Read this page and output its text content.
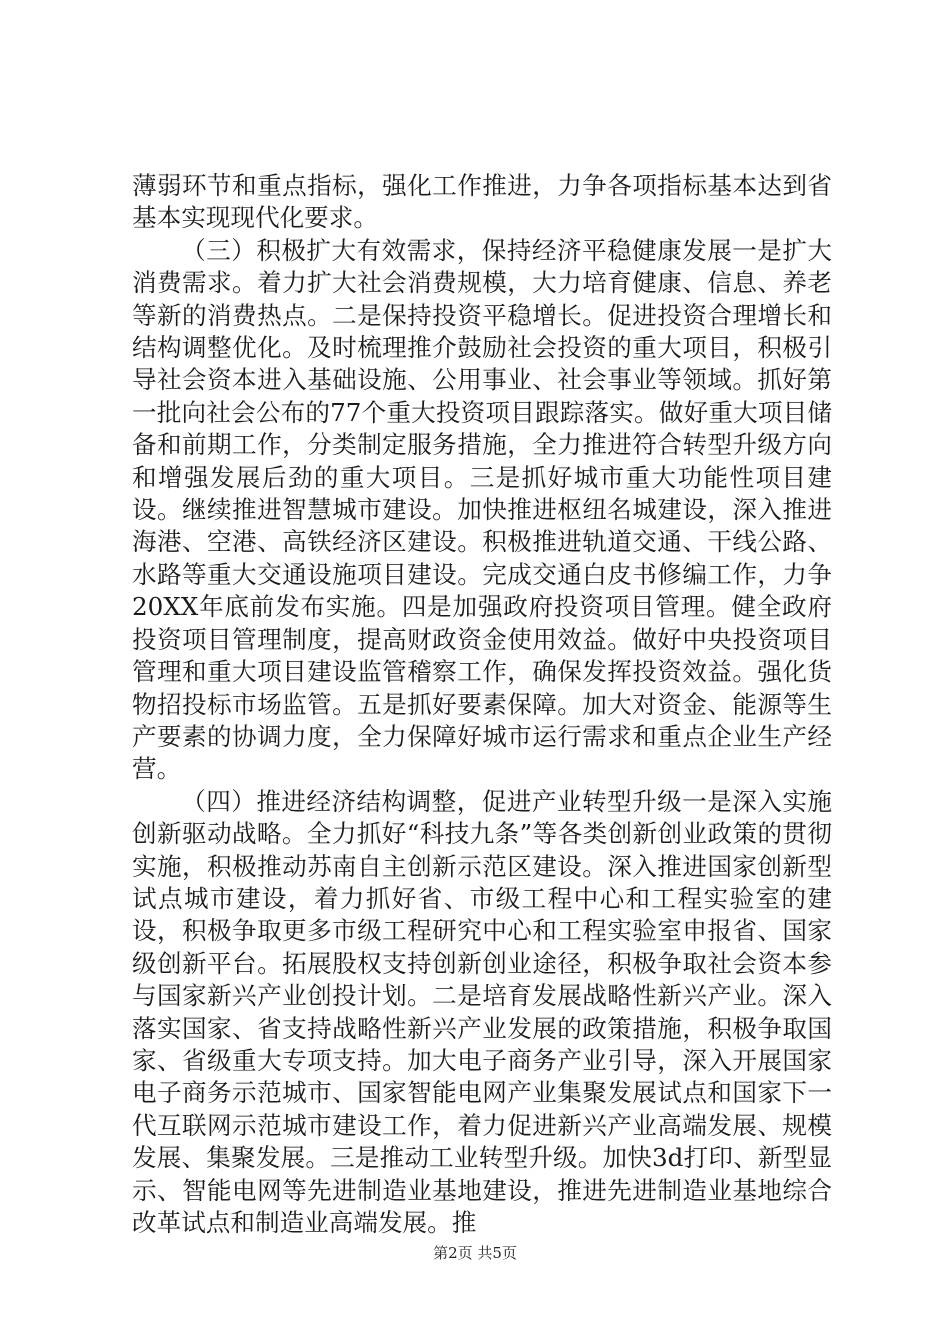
薄弱环节和重点指标，强化工作推进，力争各项指标基本达到省基本实现现代化要求。

（三）积极扩大有效需求，保持经济平稳健康发展一是扩大消费需求。着力扩大社会消费规模，大力培育健康、信息、养老等新的消费热点。二是保持投资平稳增长。促进投资合理增长和结构调整优化。及时梳理推介鼓励社会投资的重大项目，积极引导社会资本进入基础设施、公用事业、社会事业等领域。抓好第一批向社会公布的77个重大投资项目跟踪落实。做好重大项目储备和前期工作，分类制定服务措施，全力推进符合转型升级方向和增强发展后劲的重大项目。三是抓好城市重大功能性项目建设。继续推进智慧城市建设。加快推进枢纽名城建设，深入推进海港、空港、高铁经济区建设。积极推进轨道交通、干线公路、水路等重大交通设施项目建设。完成交通白皮书修编工作，力争20XX年底前发布实施。四是加强政府投资项目管理。健全政府投资项目管理制度，提高财政资金使用效益。做好中央投资项目管理和重大项目建设监管稽察工作，确保发挥投资效益。强化货物招投标市场监管。五是抓好要素保障。加大对资金、能源等生产要素的协调力度，全力保障好城市运行需求和重点企业生产经营。

（四）推进经济结构调整，促进产业转型升级一是深入实施创新驱动战略。全力抓好“科技九条”等各类创新创业政策的贯彻实施，积极推动苏南自主创新示范区建设。深入推进国家创新型试点城市建设，着力抓好省、市级工程中心和工程实验室的建设，积极争取更多市级工程研究中心和工程实验室申报省、国家级创新平台。拓展股权支持创新创业途径，积极争取社会资本参与国家新兴产业创投计划。二是培育发展战略性新兴产业。深入落实国家、省支持战略性新兴产业发展的政策措施，积极争取国家、省级重大专项支持。加大电子商务产业引导，深入开展国家电子商务示范城市、国家智能电网产业集聚发展试点和国家下一代互联网示范城市建设工作，着力促进新兴产业高端发展、规模发展、集聚发展。三是推动工业转型升级。加快3d打印、新型显示、智能电网等先进制造业基地建设，推进先进制造业基地综合改革试点和制造业高端发展。推

第2页 共5页
